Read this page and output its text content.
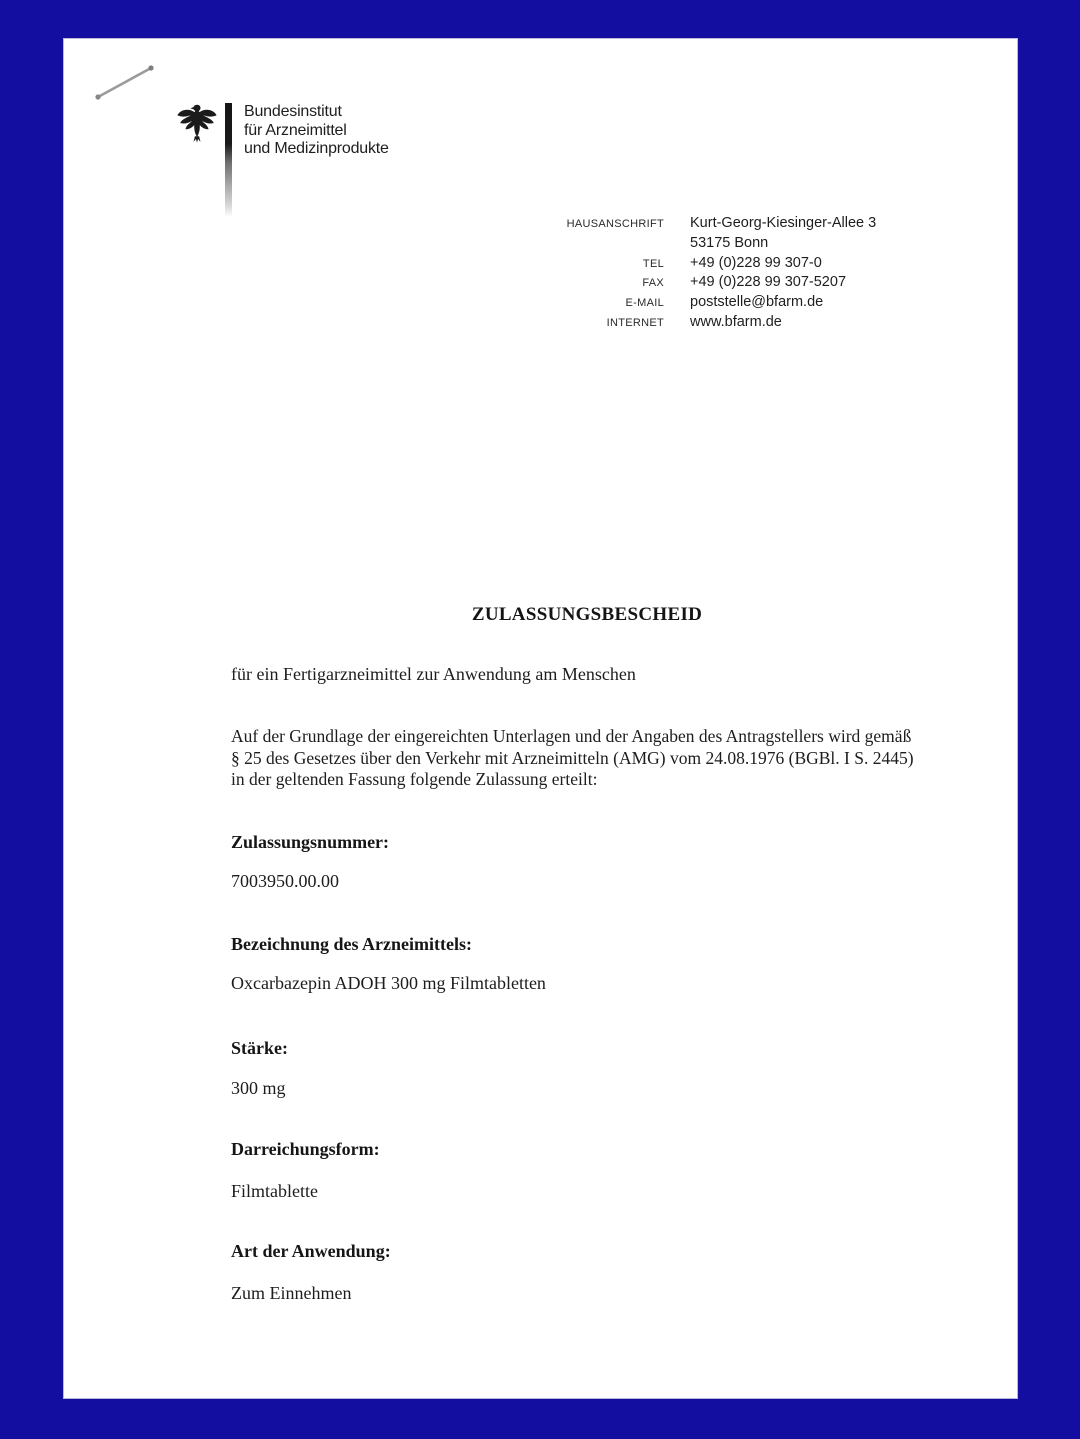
Bundesinstitut
für Arzneimittel
und Medizinprodukte
HAUSANSCHRIFT Kurt-Georg-Kiesinger-Allee 3
53175 Bonn
TEL +49 (0)228 99 307-0
FAX +49 (0)228 99 307-5207
E-MAIL poststelle@bfarm.de
INTERNET www.bfarm.de
ZULASSUNGSBESCHEID
für ein Fertigarzneimittel zur Anwendung am Menschen
Auf der Grundlage der eingereichten Unterlagen und der Angaben des Antragstellers wird gemäß
§ 25 des Gesetzes über den Verkehr mit Arzneimitteln (AMG) vom 24.08.1976 (BGBl. I S. 2445)
in der geltenden Fassung folgende Zulassung erteilt:
Zulassungsnummer:
7003950.00.00
Bezeichnung des Arzneimittels:
Oxcarbazepin ADOH 300 mg Filmtabletten
Stärke:
300 mg
Darreichungsform:
Filmtablette
Art der Anwendung:
Zum Einnehmen
